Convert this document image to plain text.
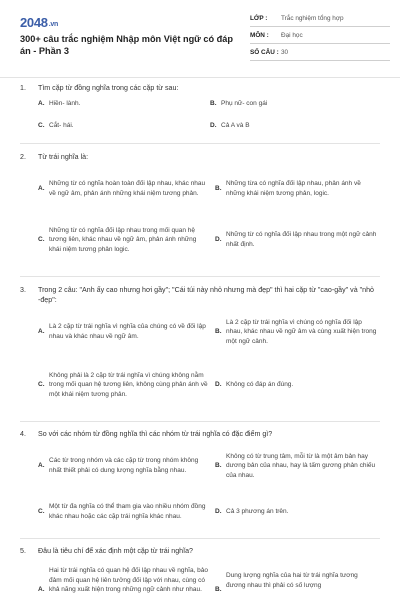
2048.vn
300+ câu trắc nghiệm Nhập môn Việt ngữ có đáp án - Phần 3
LỚP :	Trắc nghiệm tổng hợp
MÔN :	Đại học
SỐ CÂU : 30
1.	Tìm cặp từ đồng nghĩa trong các cặp từ sau:
A. Hiền- lành.	B. Phụ nữ- con gái
C. Cắt- hái.	D. Cả A và B
2.	Từ trái nghĩa là:
A.
Những từ có nghĩa hoàn toàn đối lập nhau, khác nhau về ngữ âm, phản ánh những khái niệm tương phản.
B.
Những từa có nghĩa đối lập nhau, phản ánh về những khái niệm tương phản, logic.
C.
Những từ có nghĩa đối lập nhau trong mối quan hệ tương liên, khác nhau về ngữ âm, phản ánh những khái niệm tương phản logic.
D.
Những từ có nghĩa đối lập nhau trong một ngữ cảnh nhất định.
3.	Trong 2 câu: "Anh ấy cao nhưng hơi gầy"; "Cái túi này nhỏ nhưng mà đẹp" thì hai cặp từ "cao-gầy" và "nhỏ -đẹp":
A.
Là 2 cặp từ trái nghĩa vì nghĩa của chúng có về đối lập nhau và khác nhau về ngữ âm.
B.
Là 2 cặp từ trái nghĩa vì chúng có nghĩa đối lập nhau, khác nhau về ngữ âm và cùng xuất hiện trong một ngữ cảnh.
C.
Không phải là 2 cặp từ trái nghĩa vì chúng không nằm trong mối quan hệ tương liên, không cùng phản ánh về một khái niệm tương phản.
D. Không có đáp án đúng.
4.	So với các nhóm từ đồng nghĩa thì các nhóm từ trái nghĩa có đặc điểm gì?
A.
Các từ trong nhóm và các cặp từ trong nhóm không nhất thiết phải có dung lượng nghĩa bằng nhau.
B.
Không có từ trung tâm, mỗi từ là một âm bản hay dương bản của nhau, hay là tấm gương phản chiếu của nhau.
C.
Một từ đa nghĩa có thể tham gia vào nhiều nhóm đồng khác nhau hoặc các cặp trái nghĩa khác nhau.
D. Cả 3 phương án trên.
5.	Đâu là tiêu chí để xác định một cặp từ trái nghĩa?
A.
Hai từ trái nghĩa có quan hệ đối lập nhau về nghĩa, bảo đảm mối quan hệ liên tưởng đối lập với nhau, cùng có khả năng xuất hiện trong những ngữ cảnh như nhau.	B.
Dung lượng nghĩa của hai từ trái nghĩa tương đương nhau thì phải có số lượng
